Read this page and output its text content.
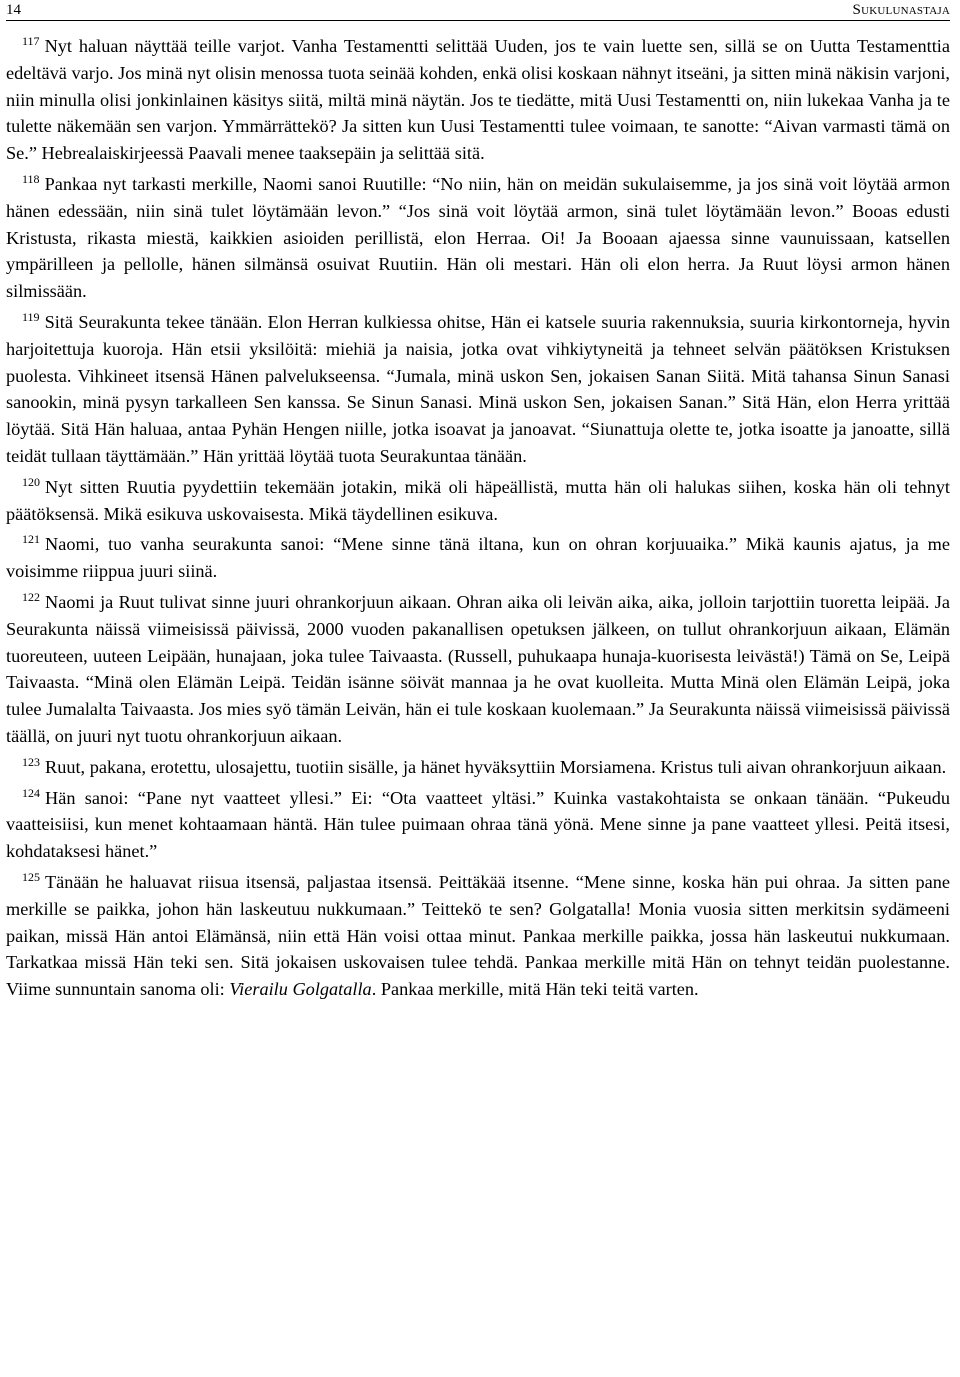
14	Sukulunastaja

$^{117}$ Nyt haluan näyttää teille varjot. Vanha Testamentti selittää Uuden, jos te vain luette sen, sillä se on Uutta Testamenttia edeltävä varjo. Jos minä nyt olisin menossa tuota seinää kohden, enkä olisi koskaan nähnyt itseäni, ja sitten minä näkisin varjoni, niin minulla olisi jonkinlainen käsitys siitä, miltä minä näytän. Jos te tiedätte, mitä Uusi Testamentti on, niin lukekaa Vanha ja te tulette näkemään sen varjon. Ymmärrättekö? Ja sitten kun Uusi Testamentti tulee voimaan, te sanotte: “Aivan varmasti tämä on Se.” Hebrealaiskirjeessä Paavali menee taaksepäin ja selittää sitä.

$^{118}$ Pankaa nyt tarkasti merkille, Naomi sanoi Ruutille: “No niin, hän on meidän sukulaisemme, ja jos sinä voit löytää armon hänen edessään, niin sinä tulet löytämään levon.” “Jos sinä voit löytää armon, sinä tulet löytämään levon.” Booas edusti Kristusta, rikasta miestä, kaikkien asioiden perillistä, elon Herraa. Oi! Ja Booaan ajaessa sinne vaunuissaan, katsellen ympärilleen ja pellolle, hänen silmänsä osuivat Ruutiin. Hän oli mestari. Hän oli elon herra. Ja Ruut löysi armon hänen silmissään.

$^{119}$ Sitä Seurakunta tekee tänään. Elon Herran kulkiessa ohitse, Hän ei katsele suuria rakennuksia, suuria kirkontorneja, hyvin harjoitettuja kuoroja. Hän etsii yksilöitä: miehiä ja naisia, jotka ovat vihkiytyneitä ja tehneet selvän päätöksen Kristuksen puolesta. Vihkineet itsensä Hänen palvelukseensa. “Jumala, minä uskon Sen, jokaisen Sanan Siitä. Mitä tahansa Sinun Sanasi sanookin, minä pysyn tarkalleen Sen kanssa. Se Sinun Sanasi. Minä uskon Sen, jokaisen Sanan.” Sitä Hän, elon Herra yrittää löytää. Sitä Hän haluaa, antaa Pyhän Hengen niille, jotka isoavat ja janoavat. “Siunattuja olette te, jotka isoatte ja janoatte, sillä teidät tullaan täyttämään.” Hän yrittää löytää tuota Seurakuntaa tänään.

$^{120}$ Nyt sitten Ruutia pyydettiin tekemään jotakin, mikä oli häpeällistä, mutta hän oli halukas siihen, koska hän oli tehnyt päätöksensä. Mikä esikuva uskovaisesta. Mikä täydellinen esikuva.

$^{121}$ Naomi, tuo vanha seurakunta sanoi: “Mene sinne tänä iltana, kun on ohran korjuuaika.” Mikä kaunis ajatus, ja me voisimme riippua juuri siinä.

$^{122}$ Naomi ja Ruut tulivat sinne juuri ohrankorjuun aikaan. Ohran aika oli leivän aika, aika, jolloin tarjottiin tuoretta leipää. Ja Seurakunta näissä viimeisissä päivissä, 2000 vuoden pakanallisen opetuksen jälkeen, on tullut ohrankorjuun aikaan, Elämän tuoreuteen, uuteen Leipään, hunajaan, joka tulee Taivaasta. (Russell, puhukaapa hunaja-kuorisesta leivästä!) Tämä on Se, Leipä Taivaasta. “Minä olen Elämän Leipä. Teidän isänne söivät mannaa ja he ovat kuolleita. Mutta Minä olen Elämän Leipä, joka tulee Jumalalta Taivaasta. Jos mies syö tämän Leivän, hän ei tule koskaan kuolemaan.” Ja Seurakunta näissä viimeisissä päivissä täällä, on juuri nyt tuotu ohrankorjuun aikaan.

$^{123}$ Ruut, pakana, erotettu, ulosajettu, tuotiin sisälle, ja hänet hyväksyttiin Morsiamena. Kristus tuli aivan ohrankorjuun aikaan.

$^{124}$ Hän sanoi: “Pane nyt vaatteet yllesi.” Ei: “Ota vaatteet yltäsi.” Kuinka vastakohtaista se onkaan tänään. “Pukeudu vaatteisiisi, kun menet kohtaamaan häntä. Hän tulee puimaan ohraa tänä yönä. Mene sinne ja pane vaatteet yllesi. Peitä itsesi, kohdataksesi hänet.”

$^{125}$ Tänään he haluavat riisua itsensä, paljastaa itsensä. Peittäkää itsenne. “Mene sinne, koska hän pui ohraa. Ja sitten pane merkille se paikka, johon hän laskeutuu nukkumaan.” Teittekö te sen? Golgatalla! Monia vuosia sitten merkitsin sydämeeni paikan, missä Hän antoi Elämänsä, niin että Hän voisi ottaa minut. Pankaa merkille paikka, jossa hän laskeutui nukkumaan. Tarkatkaa missä Hän teki sen. Sitä jokaisen uskovaisen tulee tehdä. Pankaa merkille mitä Hän on tehnyt teidän puolestanne. Viime sunnuntain sanoma oli: Vierailu Golgatalla. Pankaa merkille, mitä Hän teki teitä varten.
